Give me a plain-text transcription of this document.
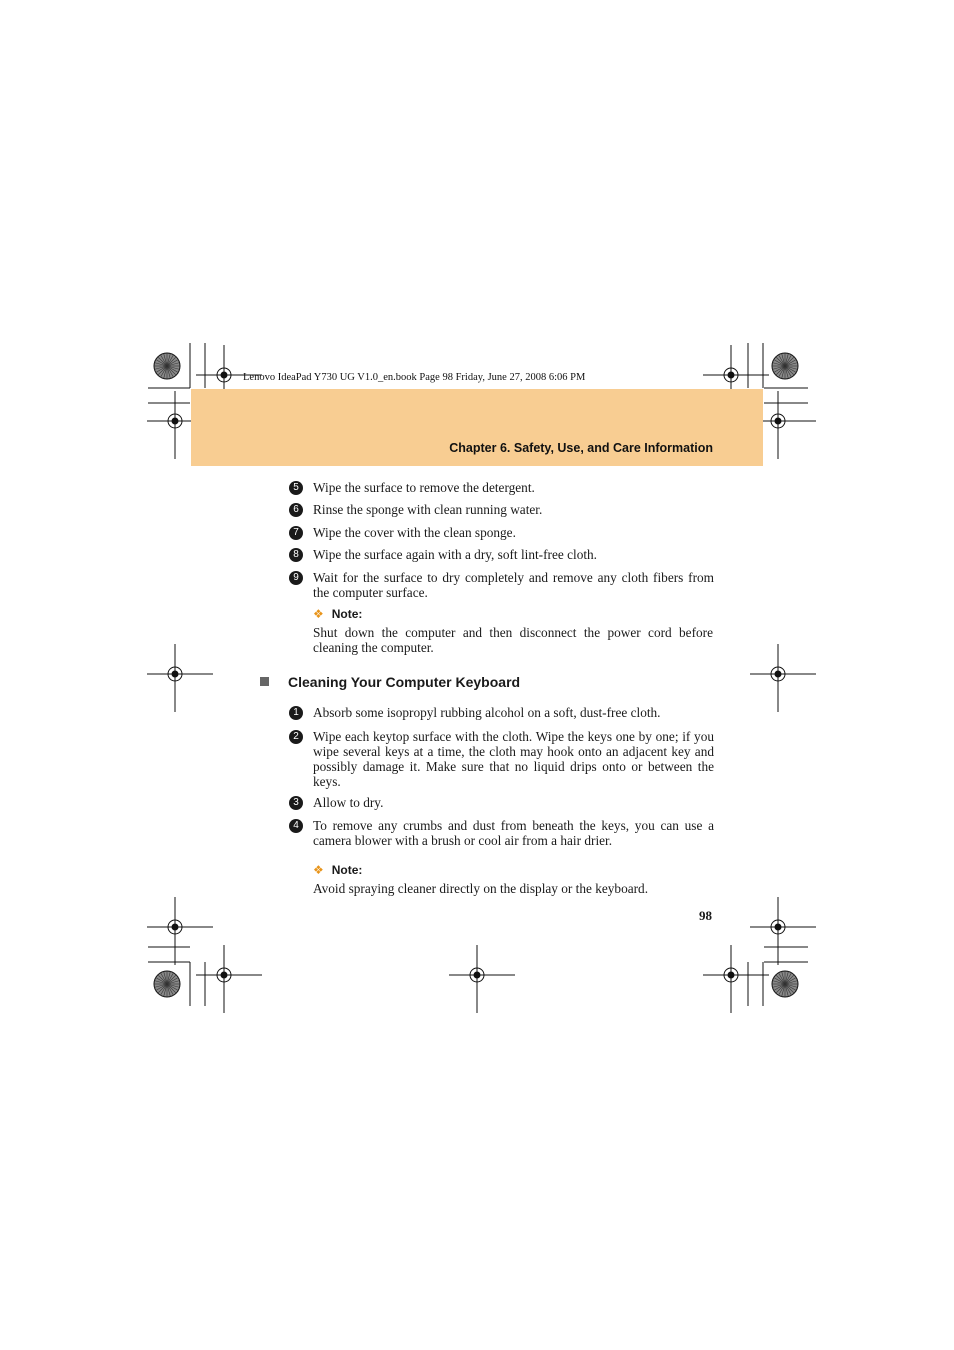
Lenovo IdeaPad Y730 UG V1.0_en.book Page 98 Friday, June 27, 2008 6:06 PM
Chapter 6. Safety, Use, and Care Information
5	Wipe the surface to remove the detergent.
6	Rinse the sponge with clean running water.
7	Wipe the cover with the clean sponge.
8	Wipe the surface again with a dry, soft lint-free cloth.
9	Wait for the surface to dry completely and remove any cloth fibers from the computer surface.
❖ Note:
Shut down the computer and then disconnect the power cord before cleaning the computer.
Cleaning Your Computer Keyboard
1	Absorb some isopropyl rubbing alcohol on a soft, dust-free cloth.
2	Wipe each keytop surface with the cloth. Wipe the keys one by one; if you wipe several keys at a time, the cloth may hook onto an adjacent key and possibly damage it. Make sure that no liquid drips onto or between the keys.
3	Allow to dry.
4	To remove any crumbs and dust from beneath the keys, you can use a camera blower with a brush or cool air from a hair drier.
❖ Note:
Avoid spraying cleaner directly on the display or the keyboard.
98
